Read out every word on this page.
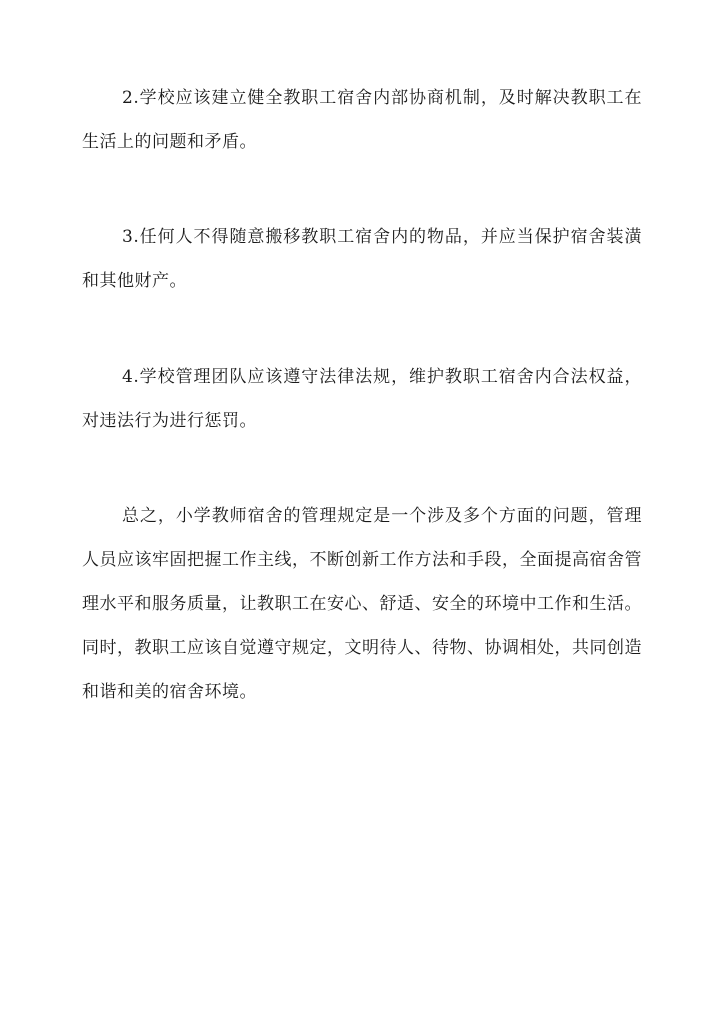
2.学校应该建立健全教职工宿舍内部协商机制，及时解决教职工在生活上的问题和矛盾。

3.任何人不得随意搬移教职工宿舍内的物品，并应当保护宿舍装潢和其他财产。

4.学校管理团队应该遵守法律法规，维护教职工宿舍内合法权益，对违法行为进行惩罚。

总之，小学教师宿舍的管理规定是一个涉及多个方面的问题，管理人员应该牢固把握工作主线，不断创新工作方法和手段，全面提高宿舍管理水平和服务质量，让教职工在安心、舒适、安全的环境中工作和生活。同时，教职工应该自觉遵守规定，文明待人、待物、协调相处，共同创造和谐和美的宿舍环境。
